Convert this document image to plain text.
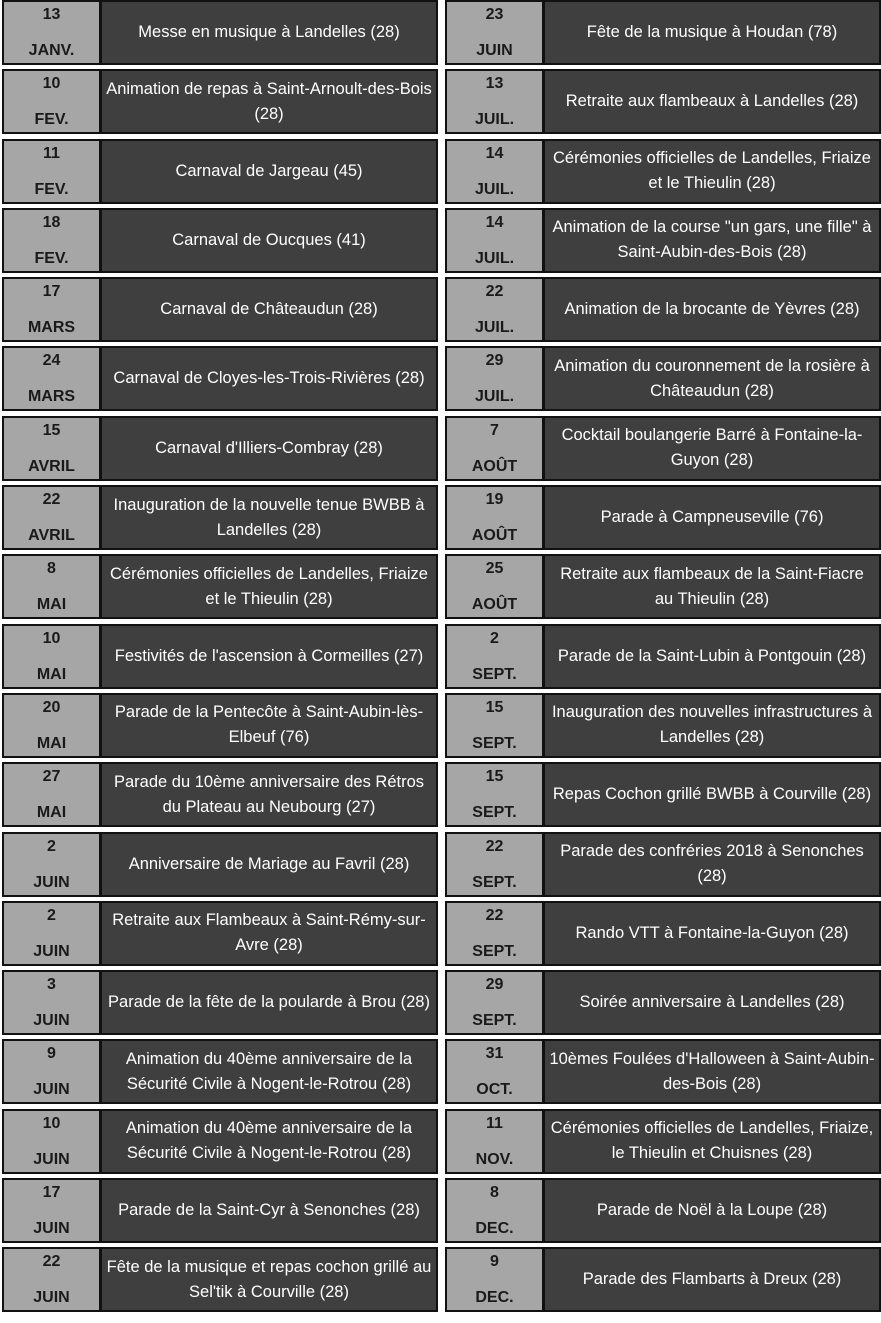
13
JANV.
Messe en musique à Landelles (28)
10
FEV.
Animation de repas à Saint-Arnoult-des-Bois (28)
11
FEV.
Carnaval de Jargeau (45)
18
FEV.
Carnaval de Oucques (41)
17
MARS
Carnaval de Châteaudun (28)
24
MARS
Carnaval de Cloyes-les-Trois-Rivières (28)
15
AVRIL
Carnaval d'Illiers-Combray (28)
22
AVRIL
Inauguration de la nouvelle tenue BWBB à Landelles (28)
8
MAI
Cérémonies officielles de Landelles, Friaize et le Thieulin (28)
10
MAI
Festivités de l'ascension à Cormeilles (27)
20
MAI
Parade de la Pentecôte à Saint-Aubin-lès-Elbeuf (76)
27
MAI
Parade du 10ème anniversaire des Rétros du Plateau au Neubourg (27)
2
JUIN
Anniversaire de Mariage au Favril (28)
2
JUIN
Retraite aux Flambeaux à Saint-Rémy-sur-Avre (28)
3
JUIN
Parade de la fête de la poularde à Brou (28)
9
JUIN
Animation du 40ème anniversaire de la Sécurité Civile à Nogent-le-Rotrou (28)
10
JUIN
Animation du 40ème anniversaire de la Sécurité Civile à Nogent-le-Rotrou (28)
17
JUIN
Parade de la Saint-Cyr à Senonches (28)
22
JUIN
Fête de la musique et repas cochon grillé au Sel'tik à Courville (28)
23
JUIN
Fête de la musique à Houdan (78)
13
JUIL.
Retraite aux flambeaux à Landelles (28)
14
JUIL.
Cérémonies officielles de Landelles, Friaize et le Thieulin (28)
14
JUIL.
Animation de la course "un gars, une fille" à Saint-Aubin-des-Bois (28)
22
JUIL.
Animation de la brocante de Yèvres (28)
29
JUIL.
Animation du couronnement de la rosière à Châteaudun (28)
7
AOÛT
Cocktail boulangerie Barré à Fontaine-la-Guyon (28)
19
AOÛT
Parade à Campneuseville (76)
25
AOÛT
Retraite aux flambeaux de la Saint-Fiacre au Thieulin (28)
2
SEPT.
Parade de la Saint-Lubin à Pontgouin (28)
15
SEPT.
Inauguration des nouvelles infrastructures à Landelles (28)
15
SEPT.
Repas Cochon grillé BWBB à Courville (28)
22
SEPT.
Parade des confréries 2018 à Senonches (28)
22
SEPT.
Rando VTT à Fontaine-la-Guyon (28)
29
SEPT.
Soirée anniversaire à Landelles (28)
31
OCT.
10èmes Foulées d'Halloween à Saint-Aubin-des-Bois (28)
11
NOV.
Cérémonies officielles de Landelles, Friaize, le Thieulin et Chuisnes (28)
8
DEC.
Parade de Noël à la Loupe (28)
9
DEC.
Parade des Flambarts à Dreux (28)
